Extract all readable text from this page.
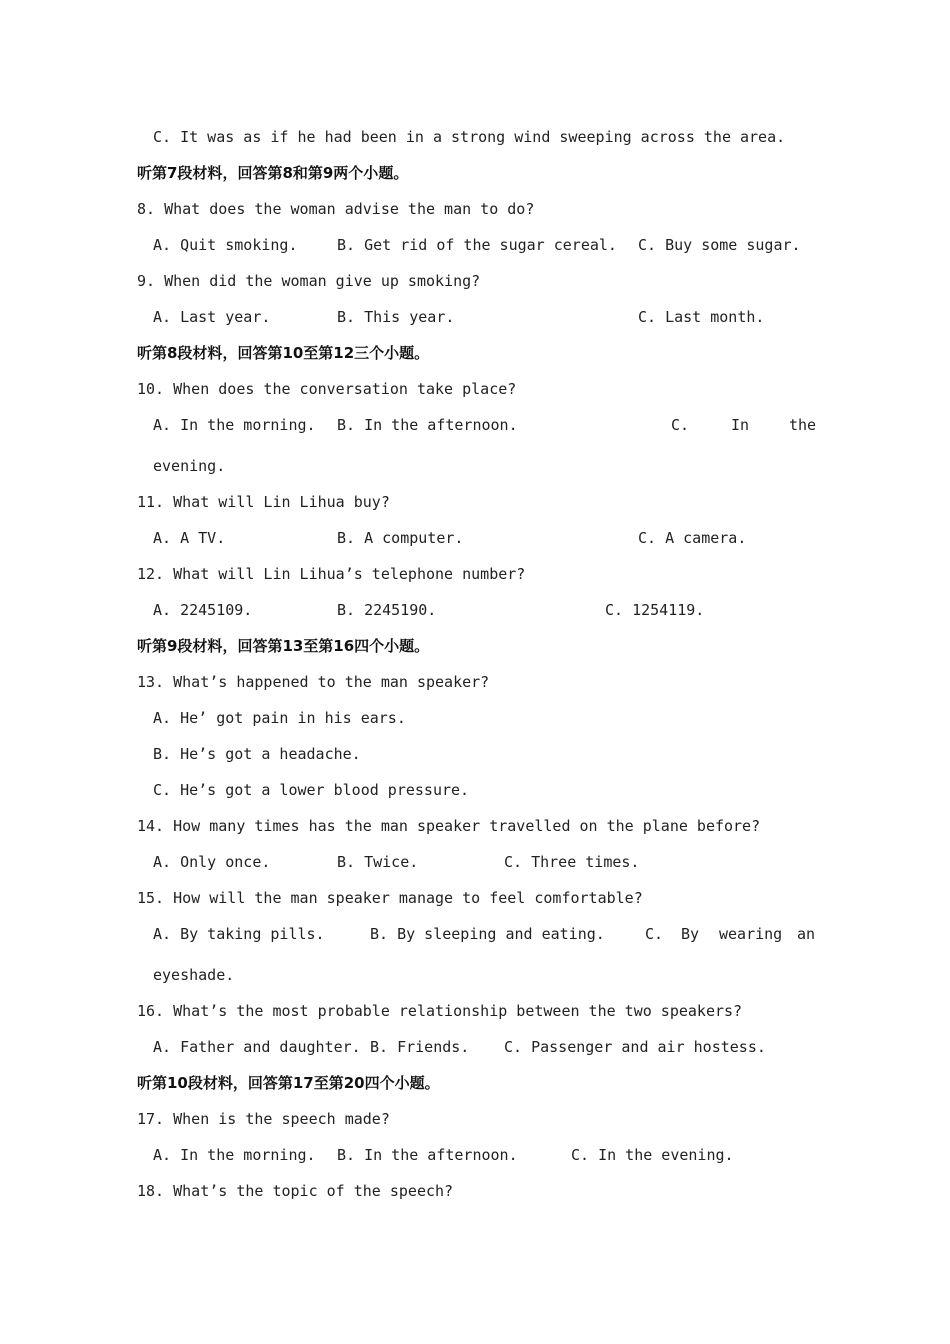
C. It was as if he had been in a strong wind sweeping across the area.
听第7段材料，回答第8和第9两个小题。
8. What does the woman advise the man to do?
A. Quit smoking.	B. Get rid of the sugar cereal. C. Buy some sugar.
9. When did the woman give up smoking?
A. Last year.	B. This year.	C. Last month.
听第8段材料，回答第10至第12三个小题。
10. When does the conversation take place?
A. In the morning. B. In the afternoon.	C.	In	the
evening.
11. What will Lin Lihua buy?
A. A TV.	B. A computer.	C. A camera.
12. What will Lin Lihua’s telephone number?
A. 2245109.	B. 2245190.	C. 1254119.
听第9段材料，回答第13至第16四个小题。
13. What’s happened to the man speaker?
A. He’ got pain in his ears.
B. He’s got a headache.
C. He’s got a lower blood pressure.
14. How many times has the man speaker travelled on the plane before?
A. Only once.	B. Twice.	C. Three times.
15. How will the man speaker manage to feel comfortable?
A. By taking pills.	B. By sleeping and eating.	C. By wearing an
eyeshade.
16. What’s the most probable relationship between the two speakers?
A. Father and daughter. B. Friends. C. Passenger and air hostess.
听第10段材料，回答第17至第20四个小题。
17. When is the speech made?
A. In the morning. B. In the afternoon.	C. In the evening.
18. What’s the topic of the speech?
